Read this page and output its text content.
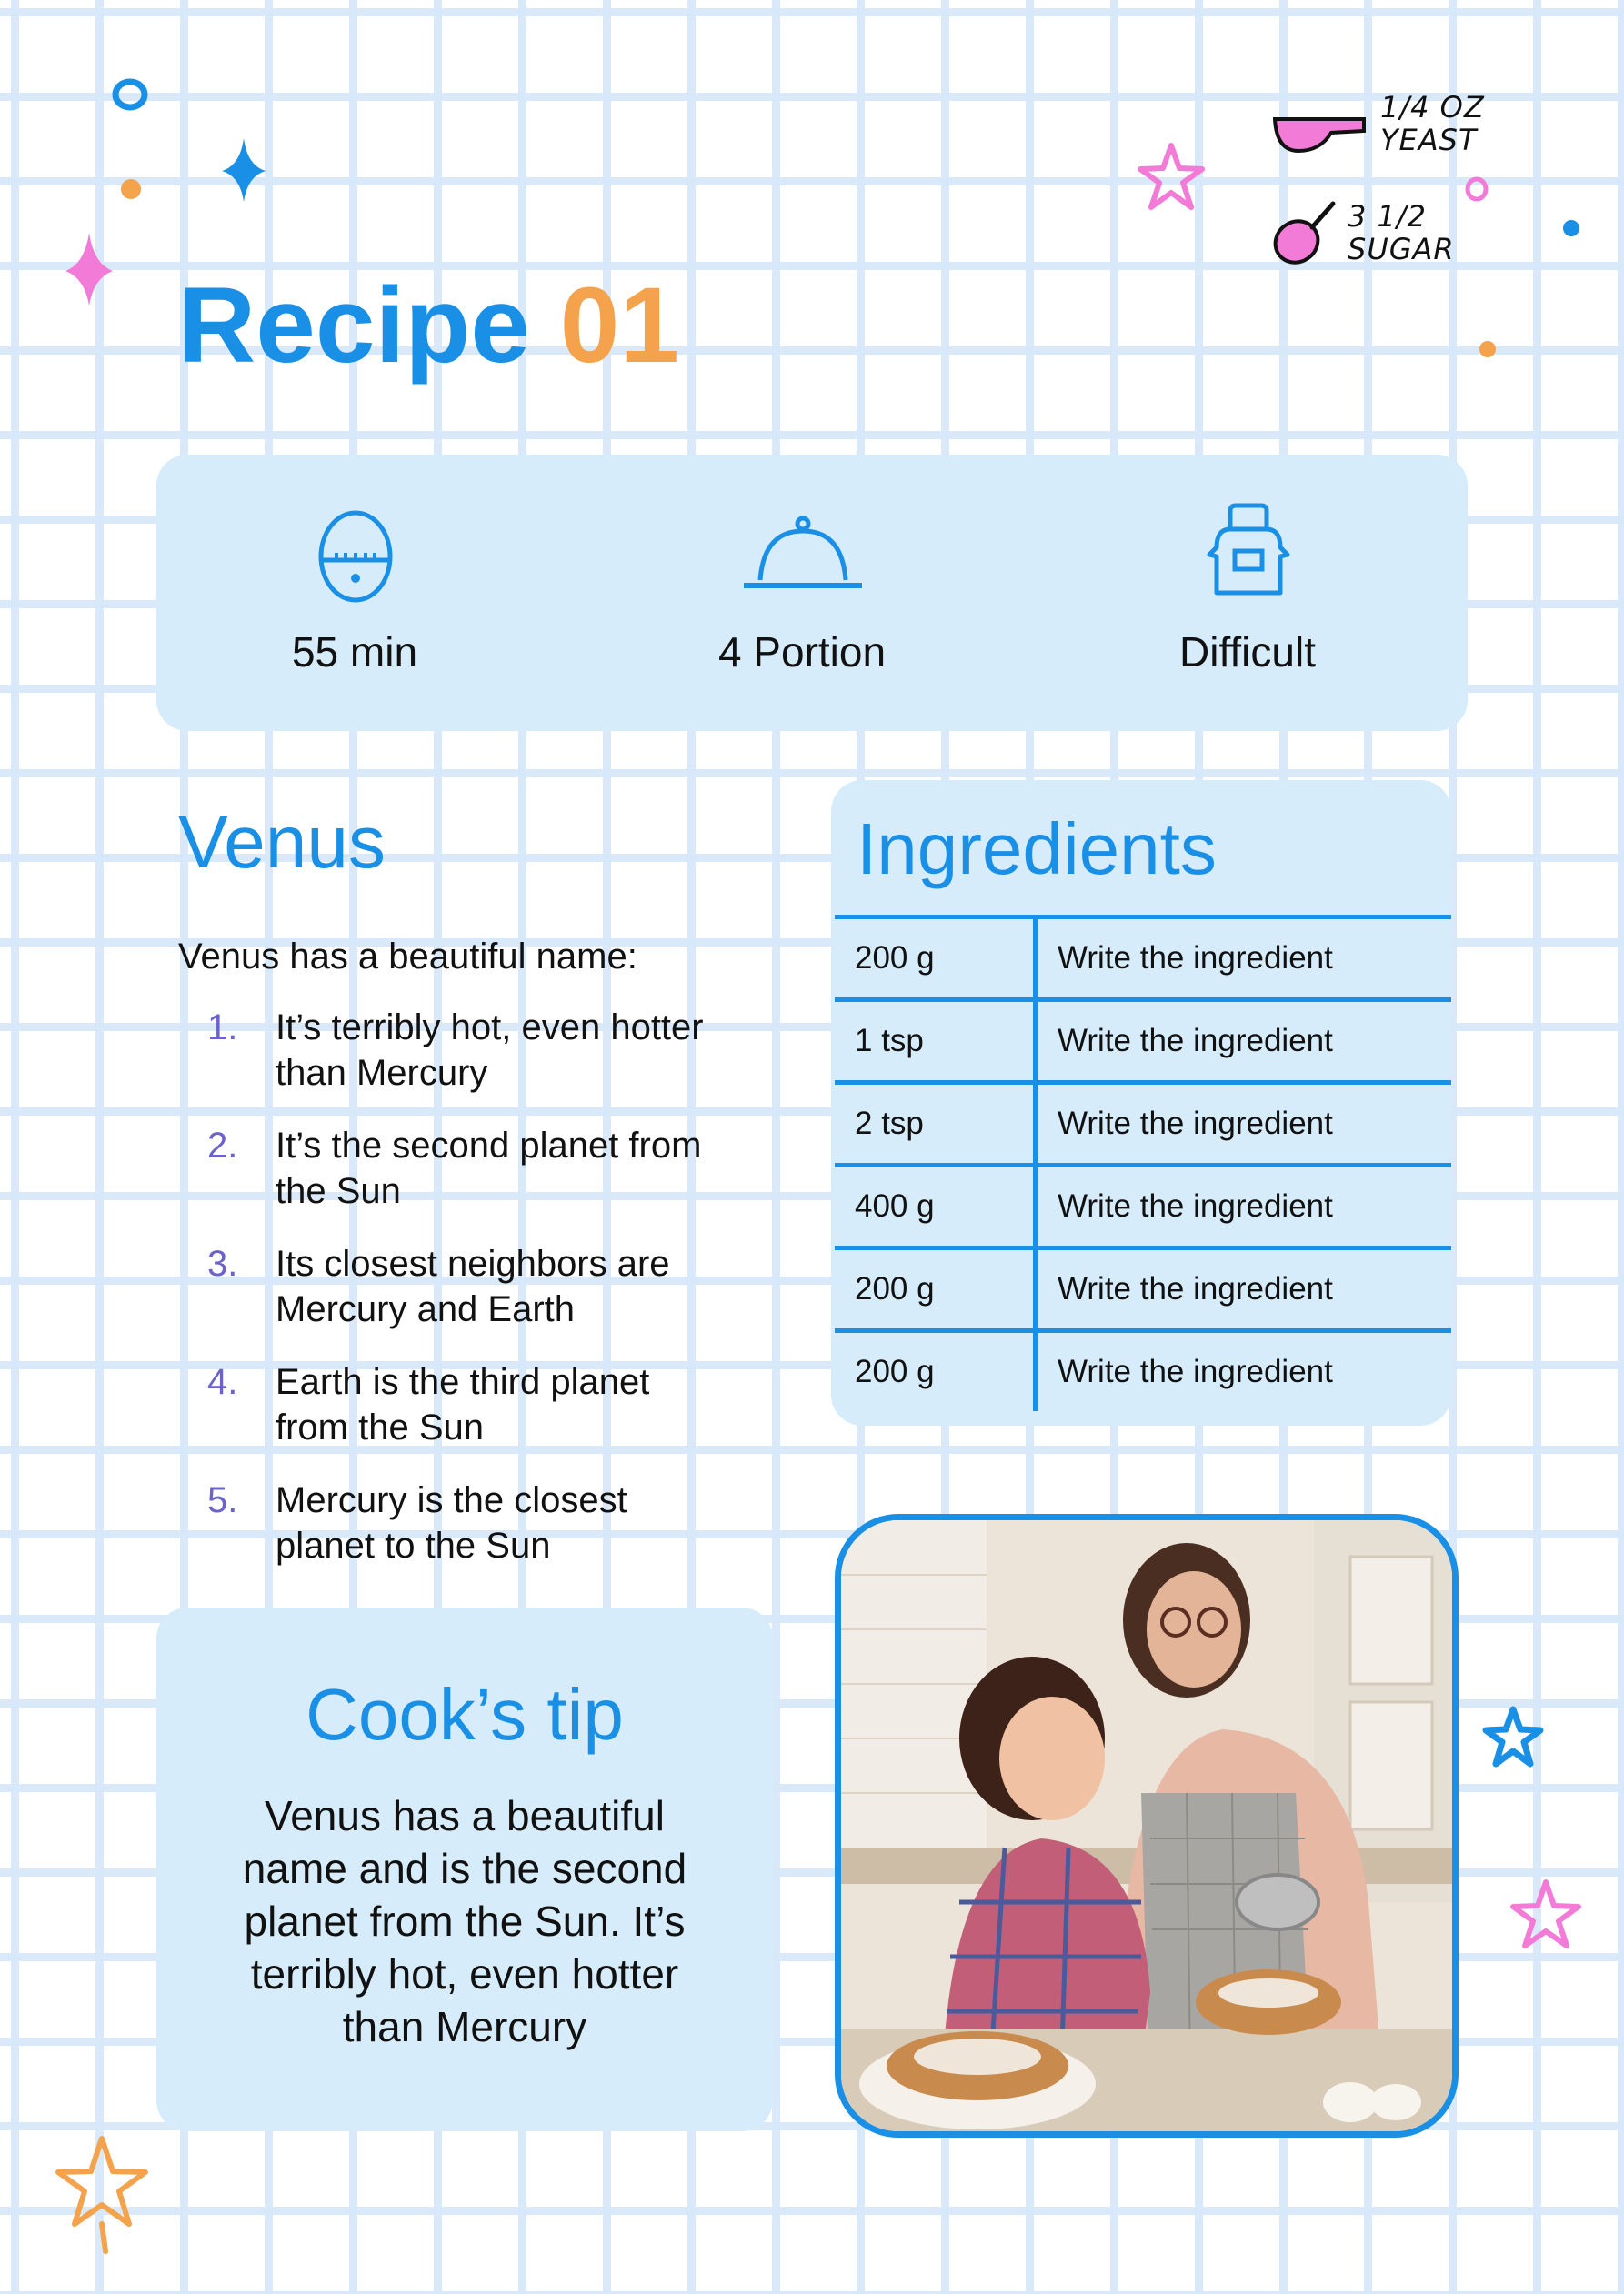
1/4 OZ
YEAST
3 1/2
SUGAR
Recipe 01
55 min	4 Portion	Difficult
Venus
Venus has a beautiful name:
1. It’s terribly hot, even hotter than Mercury
2. It’s the second planet from the Sun
3. Its closest neighbors are Mercury and Earth
4. Earth is the third planet from the Sun
5. Mercury is the closest planet to the Sun
Ingredients
200 g	Write the ingredient
1 tsp	Write the ingredient
2 tsp	Write the ingredient
400 g	Write the ingredient
200 g	Write the ingredient
200 g	Write the ingredient
Cook’s tip
Venus has a beautiful name and is the second planet from the Sun. It’s terribly hot, even hotter than Mercury
